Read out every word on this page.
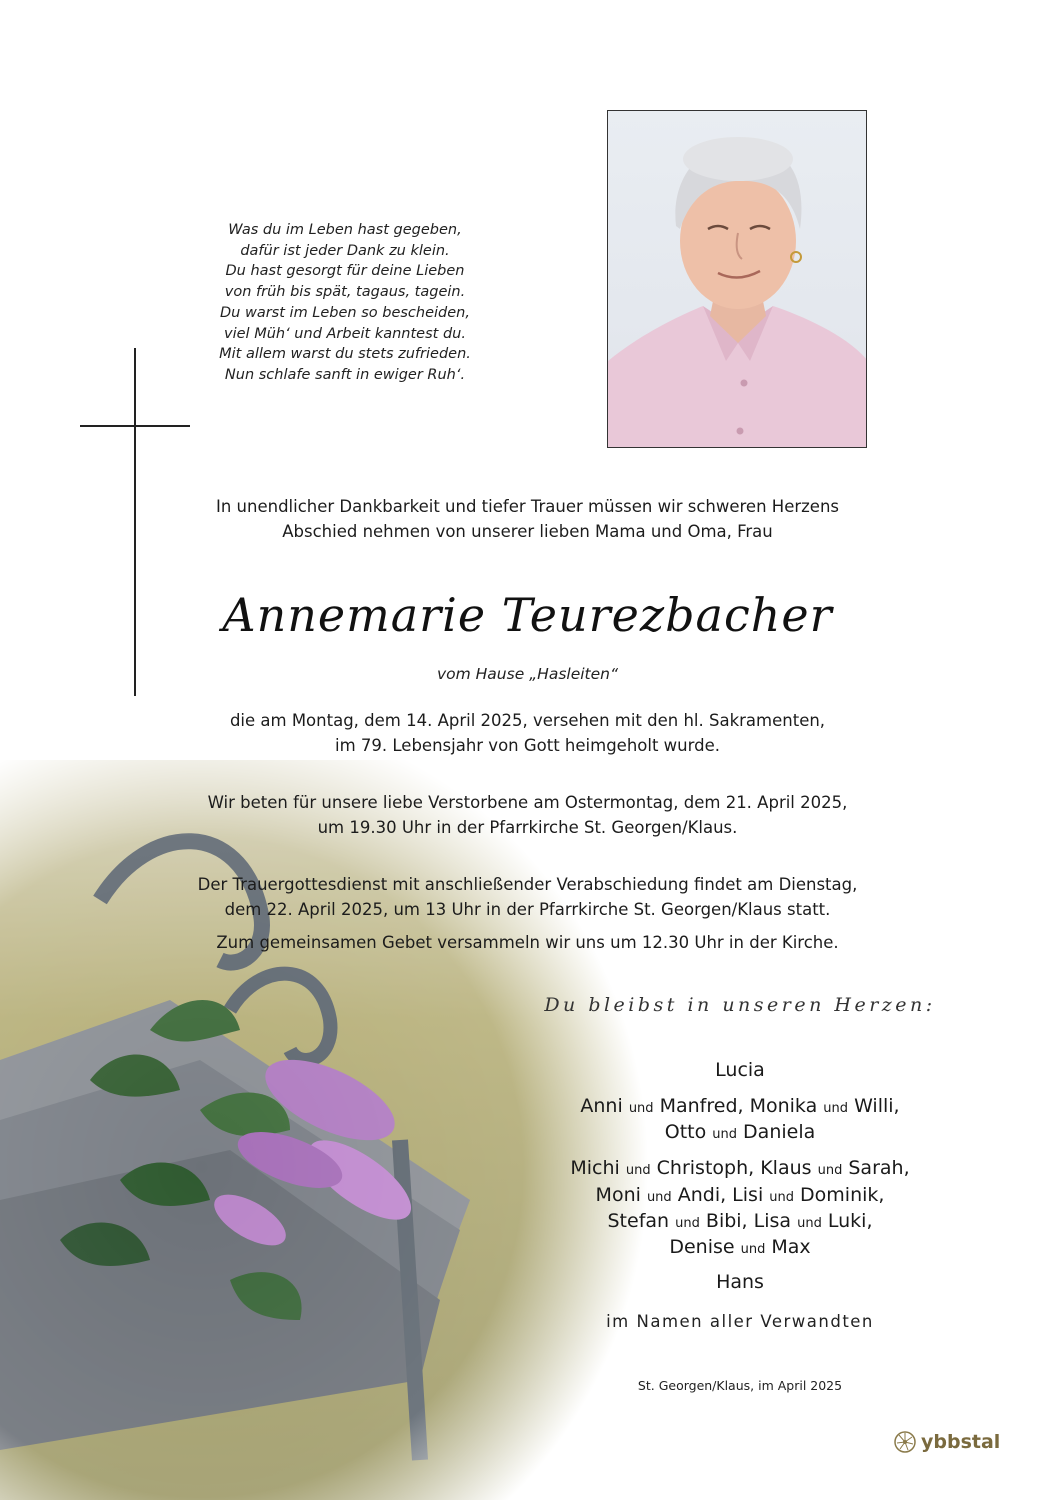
Was du im Leben hast gegeben,
dafür ist jeder Dank zu klein.
Du hast gesorgt für deine Lieben
von früh bis spät, tagaus, tagein.
Du warst im Leben so bescheiden,
viel Müh‘ und Arbeit kanntest du.
Mit allem warst du stets zufrieden.
Nun schlafe sanft in ewiger Ruh‘.
In unendlicher Dankbarkeit und tiefer Trauer müssen wir schweren Herzens
Abschied nehmen von unserer lieben Mama und Oma, Frau
Annemarie Teurezbacher
vom Hause „Hasleiten“
die am Montag, dem 14. April 2025, versehen mit den hl. Sakramenten,
im 79. Lebensjahr von Gott heimgeholt wurde.
Wir beten für unsere liebe Verstorbene am Ostermontag, dem 21. April 2025,
um 19.30 Uhr in der Pfarrkirche St. Georgen/Klaus.
Der Trauergottesdienst mit anschließender Verabschiedung findet am Dienstag,
dem 22. April 2025, um 13 Uhr in der Pfarrkirche St. Georgen/Klaus statt.
Zum gemeinsamen Gebet versammeln wir uns um 12.30 Uhr in der Kirche.
Du bleibst in unseren Herzen:
Lucia
Anni und Manfred, Monika und Willi,
Otto und Daniela
Michi und Christoph, Klaus und Sarah,
Moni und Andi, Lisi und Dominik,
Stefan und Bibi, Lisa und Luki,
Denise und Max
Hans
im Namen aller Verwandten
St. Georgen/Klaus, im April 2025
ybbstal
